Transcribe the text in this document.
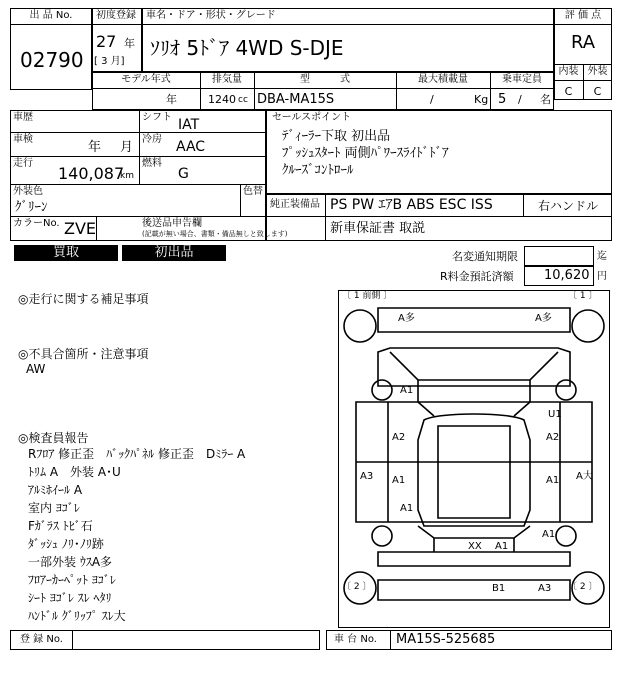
出 品 No.
02790
初度登録
27 年
[ 3 月]
車名・ドア・形状・グレード
ｿﾘｵ 5ﾄﾞｱ 4WD S-DJE
評 価 点
RA
内装 外装
C	C
モデル年式	排気量	型　　　式	最大積載量	乗車定員
年	1240 cc DBA-MA15S	/	Kg 5 / 名
車歴	シフト IAT
車検
年 月
冷房 AAC
走行
140,087
km
燃料
G
外装色
ｸﾞﾘｰﾝ
色替
カラーNo. ZVE	後送品申告欄
(記載が無い場合、書類・備品無しと致します)
セールスポイント
ﾃﾞｨｰﾗｰ下取 初出品
ﾌﾟｯｼｭｽﾀｰﾄ 両側ﾊﾟﾜｰｽﾗｲﾄﾞﾄﾞｱ
ｸﾙｰｽﾞｺﾝﾄﾛｰﾙ
純正装備品 PS PW ｴｱB ABS ESC ISS	右ハンドル
新車保証書 取説
買取	初出品	名変通知期限	迄
R料金預託済額 10,620 円
◎走行に関する補足事項
◎不具合箇所・注意事項
AW
◎検査員報告
Rﾌﾛｱ 修正歪　ﾊﾞｯｸﾊﾟﾈﾙ 修正歪　Dﾐﾗｰ A
ﾄﾘﾑ A　外装 A･U
ｱﾙﾐﾎｲｰﾙ A
室内 ﾖｺﾞﾚ
Fｶﾞﾗｽ ﾄﾋﾞ石
ﾀﾞｯｼｭ ﾉﾘ･ﾉﾘ跡
一部外装 ｳｽA多
ﾌﾛｱｰｶｰﾍﾟｯﾄ ﾖｺﾞﾚ
ｼｰﾄ ﾖｺﾞﾚ ｽﾚ ﾍﾀﾘ
ﾊﾝﾄﾞﾙ ｸﾞﾘｯﾌﾟ ｽﾚ大
〔 1 前側 〕	〔 1 〕
〔 2 〕	〔 2 〕
A多	A多
A1
U1
A2	A2
A3 A1	A1 A大
A1
A1
XX A1
B1	A3
登 録 No.	車 台 No. MA15S-525685
